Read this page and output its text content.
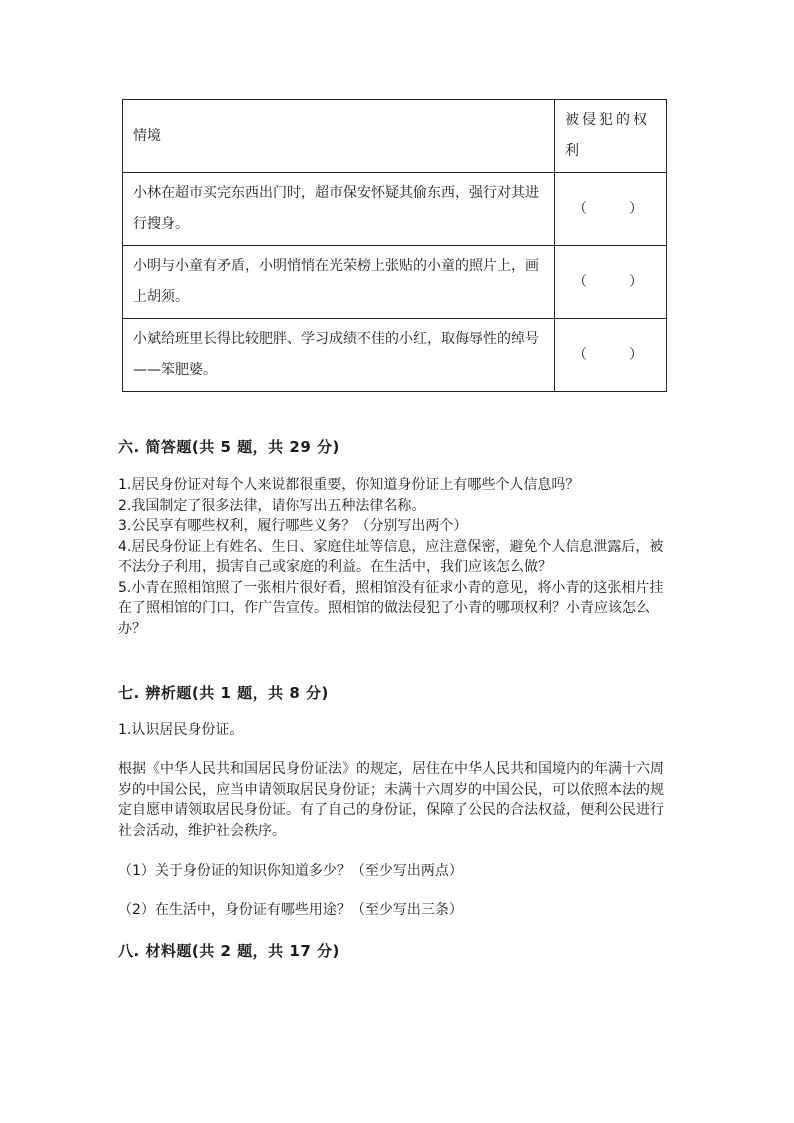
情境	被侵犯的权利
小林在超市买完东西出门时，超市保安怀疑其偷东西，强行对其进行搜身。	（　　　）
小明与小童有矛盾，小明悄悄在光荣榜上张贴的小童的照片上，画上胡须。	（　　　）
小斌给班里长得比较肥胖、学习成绩不佳的小红，取侮辱性的绰号——笨肥婆。	（　　　）
六. 简答题(共 5 题，共 29 分)

1.居民身份证对每个人来说都很重要，你知道身份证上有哪些个人信息吗？

2.我国制定了很多法律，请你写出五种法律名称。

3.公民享有哪些权利，履行哪些义务？（分别写出两个）

4.居民身份证上有姓名、生日、家庭住址等信息，应注意保密，避免个人信息泄露后，被不法分子利用，损害自己或家庭的利益。在生活中，我们应该怎么做？

5.小青在照相馆照了一张相片很好看，照相馆没有征求小青的意见，将小青的这张相片挂在了照相馆的门口，作广告宣传。照相馆的做法侵犯了小青的哪项权利？小青应该怎么办？

七. 辨析题(共 1 题，共 8 分)

1.认识居民身份证。

根据《中华人民共和国居民身份证法》的规定，居住在中华人民共和国境内的年满十六周岁的中国公民，应当申请领取居民身份证；未满十六周岁的中国公民，可以依照本法的规定自愿申请领取居民身份证。有了自己的身份证，保障了公民的合法权益，便利公民进行社会活动，维护社会秩序。

（1）关于身份证的知识你知道多少？（至少写出两点）

（2）在生活中，身份证有哪些用途？（至少写出三条）

八. 材料题(共 2 题，共 17 分)
